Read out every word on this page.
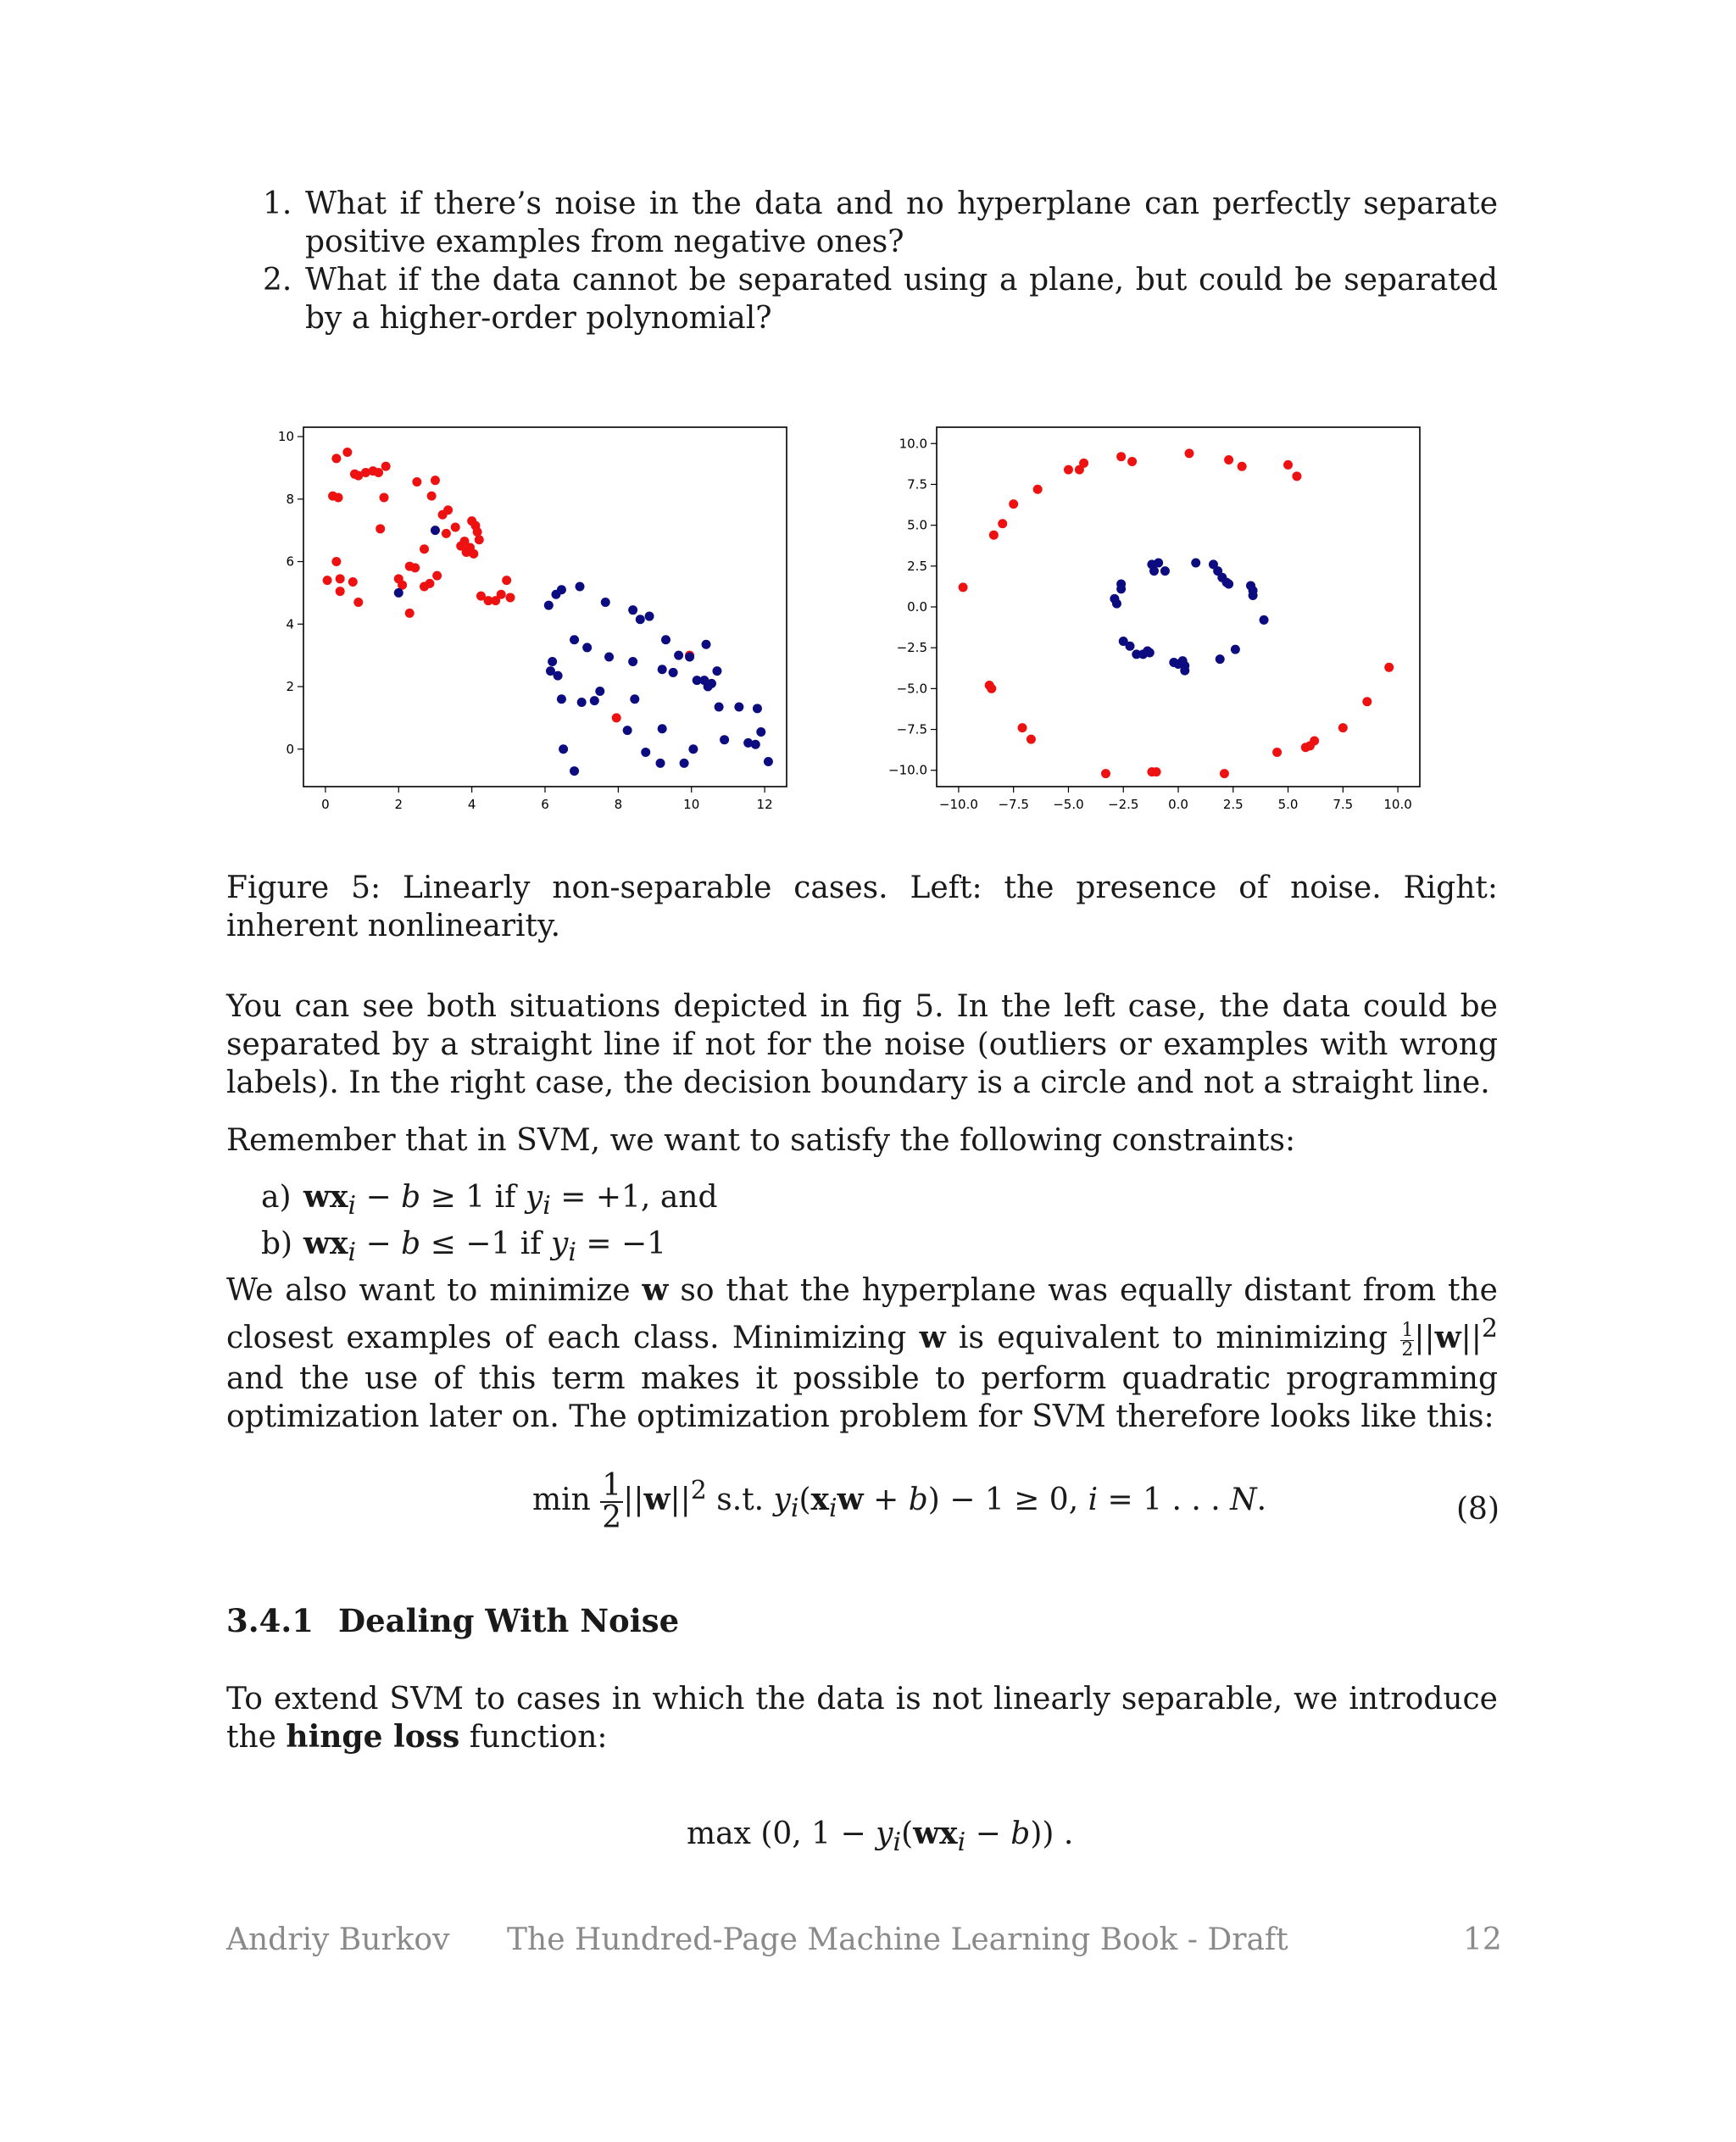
1. What if there’s noise in the data and no hyperplane can perfectly separate positive examples from negative ones?
2. What if the data cannot be separated using a plane, but could be separated by a higher-order polynomial?
0	2	4	6	8	10	12
0
2
4
6
8
10
−10.0 −7.5 −5.0 −2.5 0.0	2.5	5.0	7.5 10.0
−10.0
−7.5
−5.0
−2.5
0.0
2.5
5.0
7.5
10.0
Figure 5: Linearly non-separable cases. Left: the presence of noise. Right: inherent nonlinearity.
You can see both situations depicted in fig 5. In the left case, the data could be separated by a straight line if not for the noise (outliers or examples with wrong labels). In the right case, the decision boundary is a circle and not a straight line.
Remember that in SVM, we want to satisfy the following constraints:
a) $wx_i - b \ge 1$ if $y_i = +1$, and
b) $wx_i - b \le -1$ if $y_i = -1$
We also want to minimize w so that the hyperplane was equally distant from the closest examples of each class. Minimizing w is equivalent to minimizing $\frac{1}{2} ||w||^2$ and the use of this term makes it possible to perform quadratic programming optimization later on. The optimization problem for SVM therefore looks like this:
$\min \frac{1}{2} ||w||^2$ s.t. $y_i(x_iw + b) - 1 \ge 0$, i = 1 . . . N.	(8)
3.4.1 Dealing With Noise
To extend SVM to cases in which the data is not linearly separable, we introduce the hinge loss function:
max (0, $1 - y_i(wx_i - b)$) .
Andriy Burkov The Hundred-Page Machine Learning Book - Draft	12
